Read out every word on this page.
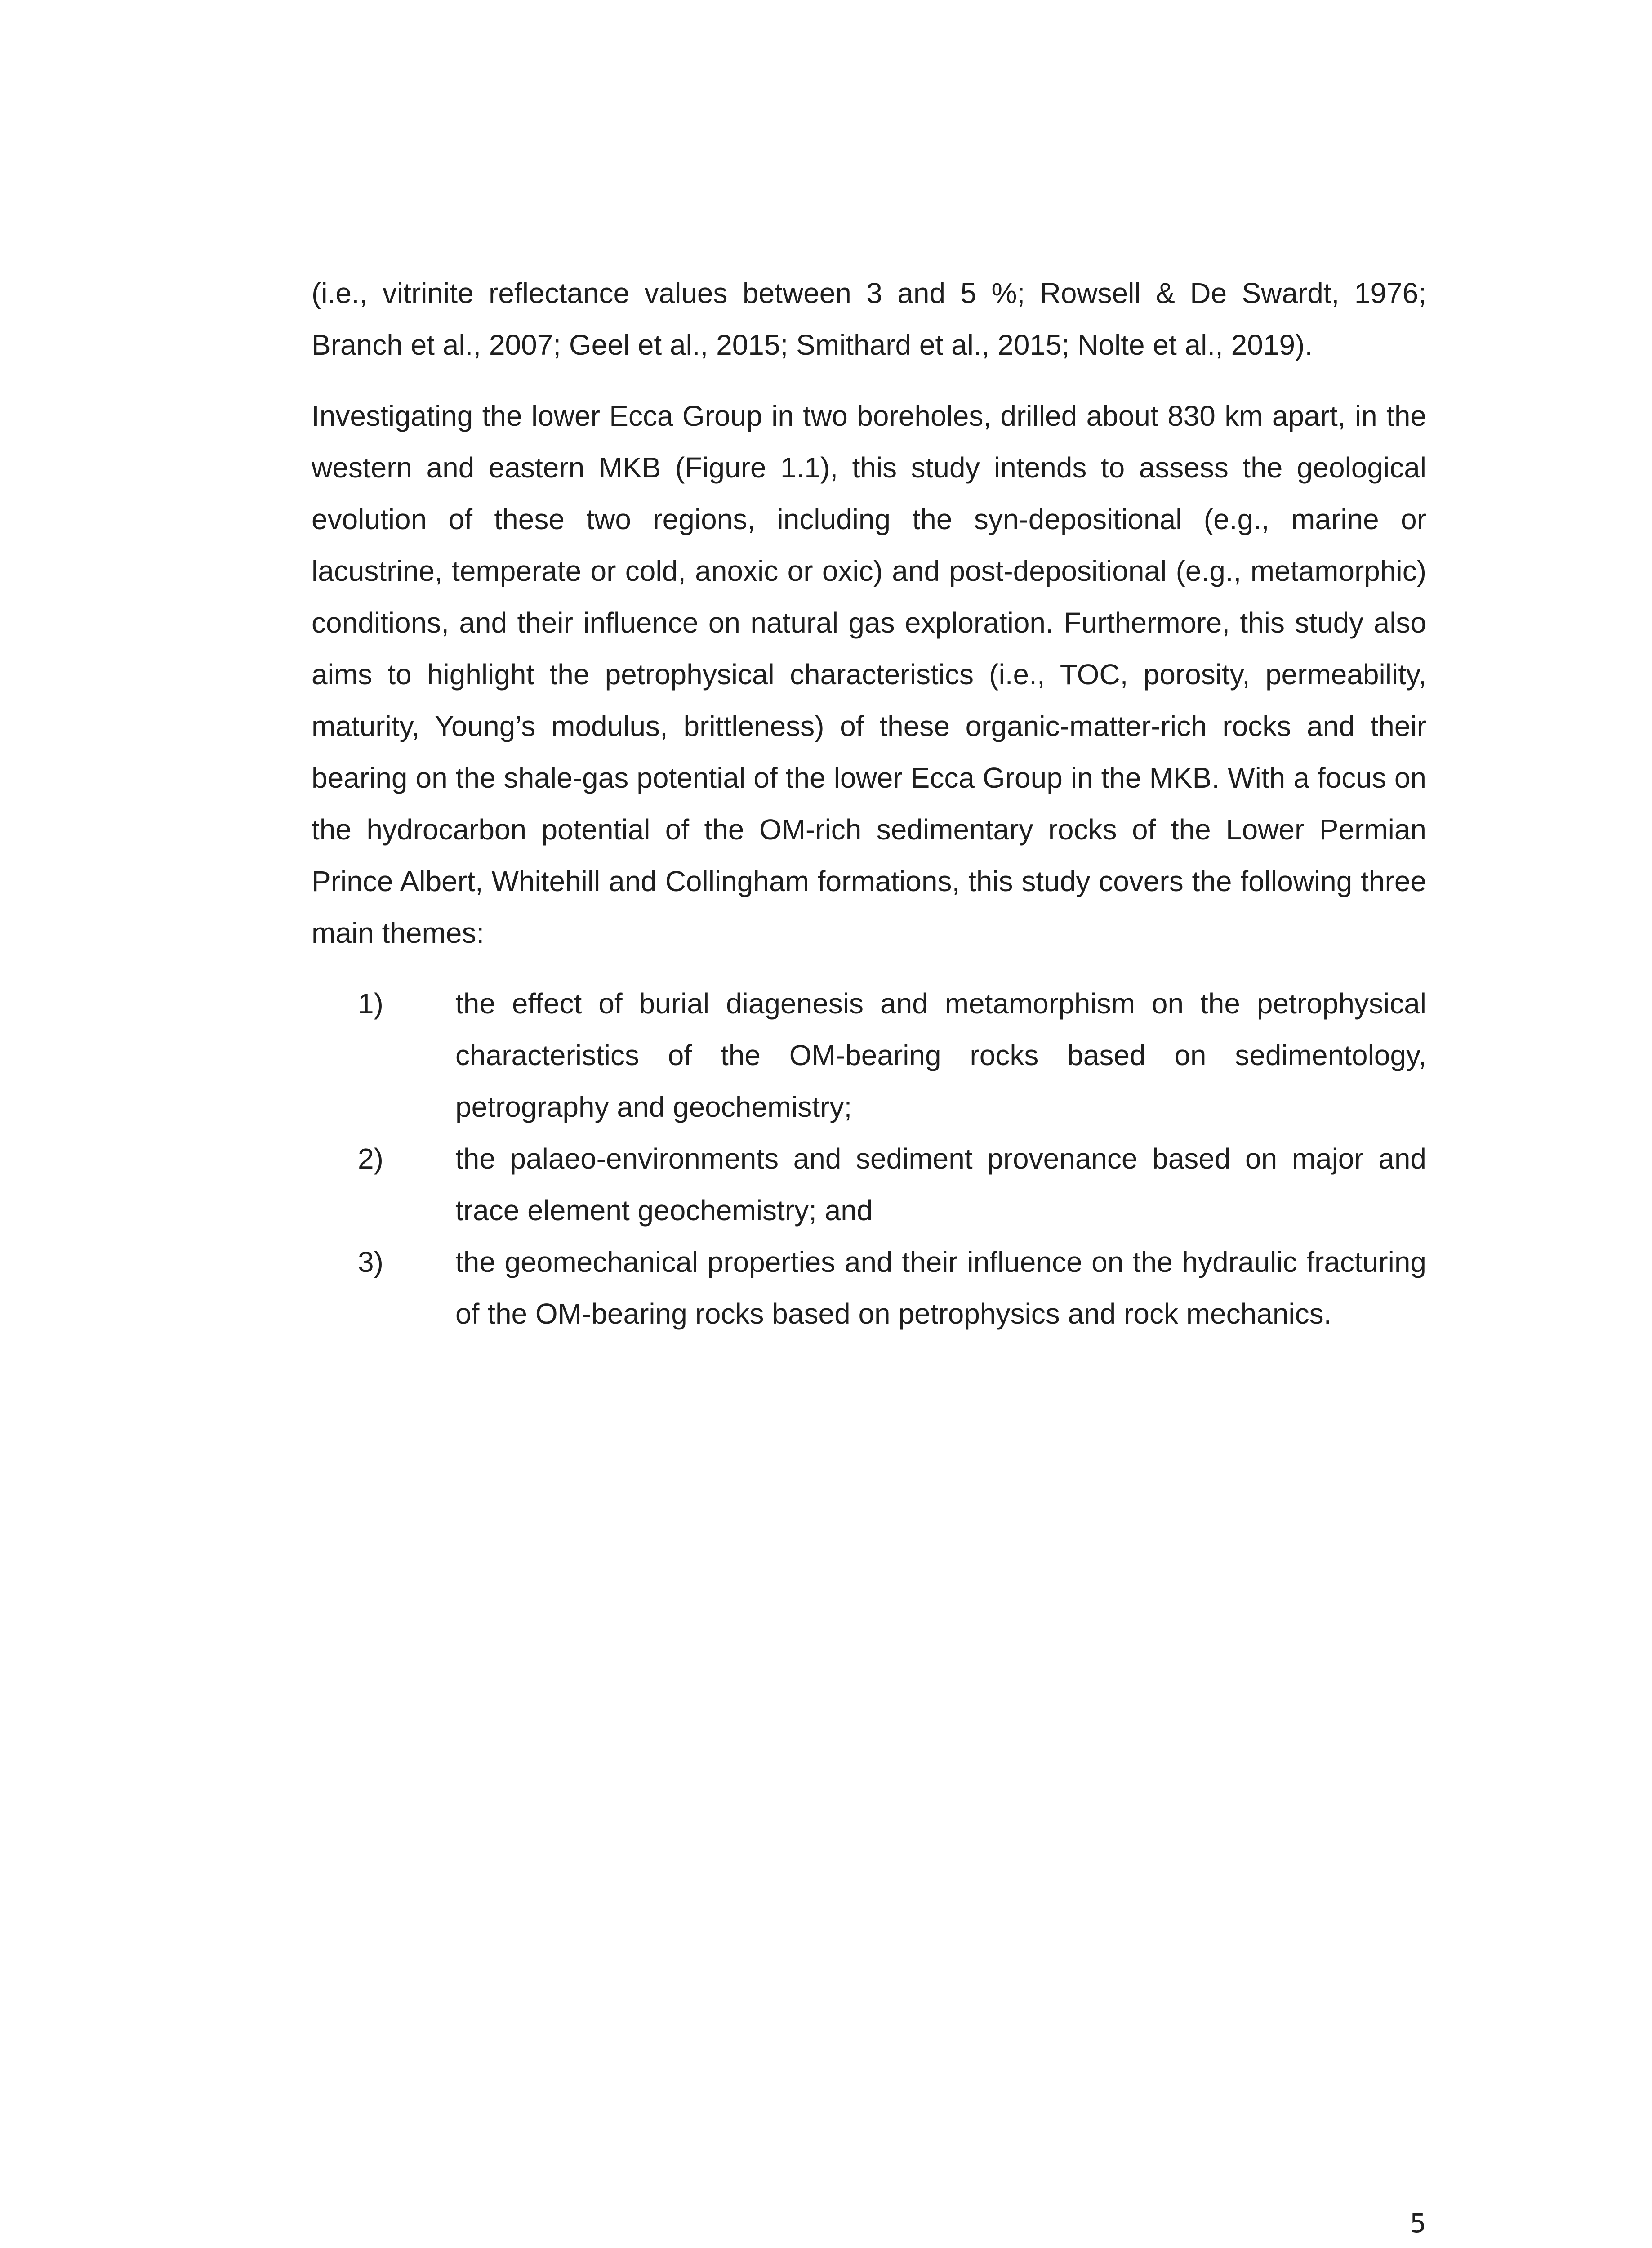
(i.e., vitrinite reflectance values between 3 and 5 %; Rowsell & De Swardt, 1976; Branch et al., 2007; Geel et al., 2015; Smithard et al., 2015; Nolte et al., 2019).
Investigating the lower Ecca Group in two boreholes, drilled about 830 km apart, in the western and eastern MKB (Figure 1.1), this study intends to assess the geological evolution of these two regions, including the syn-depositional (e.g., marine or lacustrine, temperate or cold, anoxic or oxic) and post-depositional (e.g., metamorphic) conditions, and their influence on natural gas exploration. Furthermore, this study also aims to highlight the petrophysical characteristics (i.e., TOC, porosity, permeability, maturity, Young’s modulus, brittleness) of these organic-matter-rich rocks and their bearing on the shale-gas potential of the lower Ecca Group in the MKB. With a focus on the hydrocarbon potential of the OM-rich sedimentary rocks of the Lower Permian Prince Albert, Whitehill and Collingham formations, this study covers the following three main themes:
1)	the effect of burial diagenesis and metamorphism on the petrophysical characteristics of the OM-bearing rocks based on sedimentology, petrography and geochemistry;
2)	the palaeo-environments and sediment provenance based on major and trace element geochemistry; and
3)	the geomechanical properties and their influence on the hydraulic fracturing of the OM-bearing rocks based on petrophysics and rock mechanics.
5
